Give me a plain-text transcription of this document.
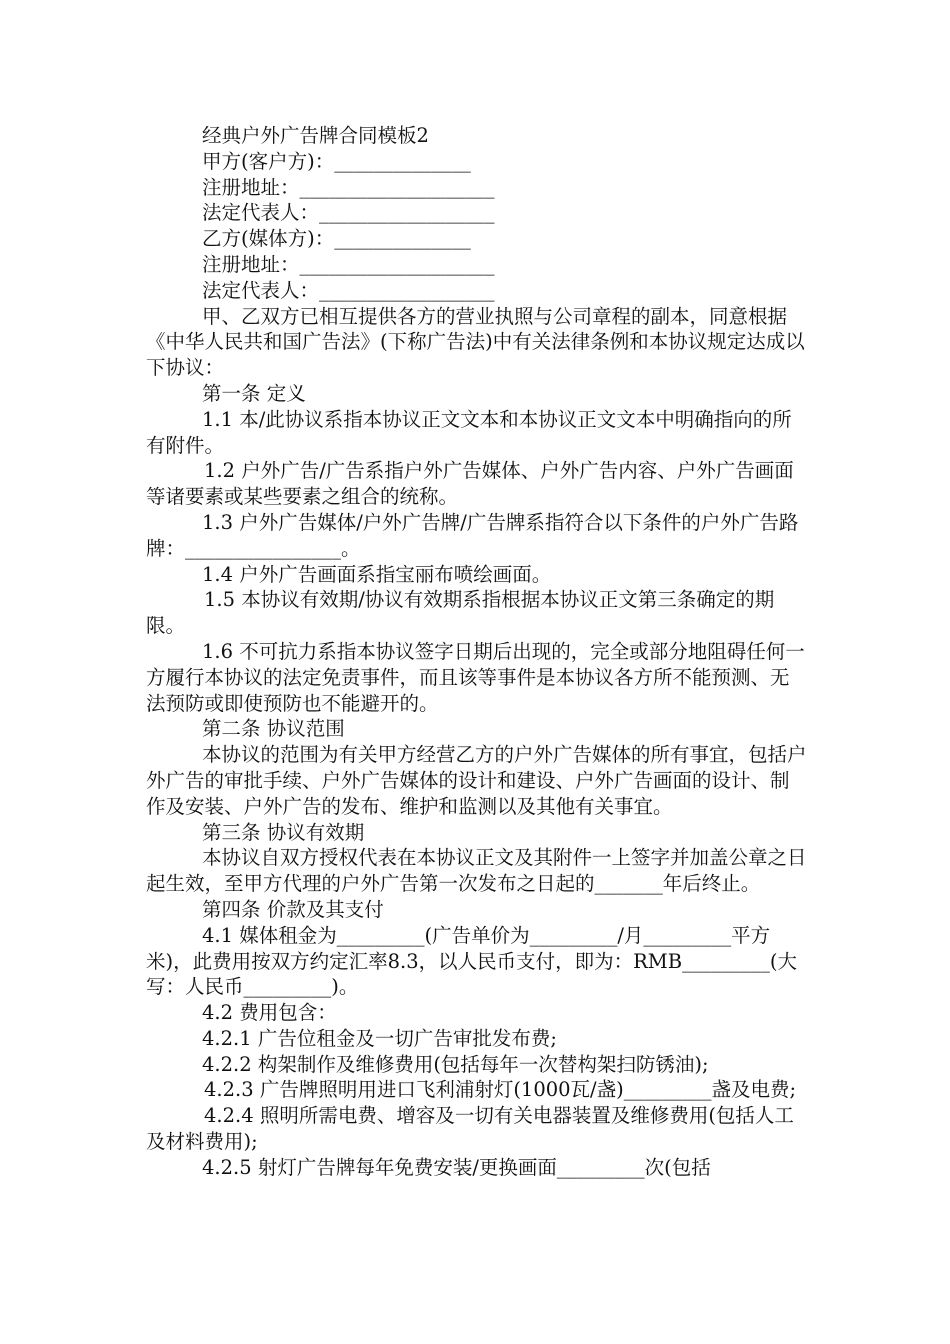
经典户外广告牌合同模板2

甲方(客户方)：______________

注册地址：____________________

法定代表人：__________________

乙方(媒体方)：______________

注册地址：____________________

法定代表人：__________________

甲、乙双方已相互提供各方的营业执照与公司章程的副本，同意根据《中华人民共和国广告法》(下称广告法)中有关法律条例和本协议规定达成以下协议：

第一条 定义

1.1 本/此协议系指本协议正文文本和本协议正文文本中明确指向的所有附件。

1.2 户外广告/广告系指户外广告媒体、户外广告内容、户外广告画面等诸要素或某些要素之组合的统称。

1.3 户外广告媒体/户外广告牌/广告牌系指符合以下条件的户外广告路牌：________________。

1.4 户外广告画面系指宝丽布喷绘画面。

1.5 本协议有效期/协议有效期系指根据本协议正文第三条确定的期限。

1.6 不可抗力系指本协议签字日期后出现的，完全或部分地阻碍任何一方履行本协议的法定免责事件，而且该等事件是本协议各方所不能预测、无法预防或即使预防也不能避开的。

第二条 协议范围

本协议的范围为有关甲方经营乙方的户外广告媒体的所有事宜，包括户外广告的审批手续、户外广告媒体的设计和建设、户外广告画面的设计、制作及安装、户外广告的发布、维护和监测以及其他有关事宜。

第三条 协议有效期

本协议自双方授权代表在本协议正文及其附件一上签字并加盖公章之日起生效，至甲方代理的户外广告第一次发布之日起的_______年后终止。

第四条 价款及其支付

4.1 媒体租金为_________(广告单价为_________/月_________平方米)，此费用按双方约定汇率8.3，以人民币支付，即为：RMB_________(大写：人民币_________)。

4.2 费用包含：

4.2.1 广告位租金及一切广告审批发布费;

4.2.2 构架制作及维修费用(包括每年一次替构架扫防锈油);

4.2.3 广告牌照明用进口飞利浦射灯(1000瓦/盏)_________盏及电费;

4.2.4 照明所需电费、增容及一切有关电器装置及维修费用(包括人工及材料费用);

4.2.5 射灯广告牌每年免费安装/更换画面_________次(包括
